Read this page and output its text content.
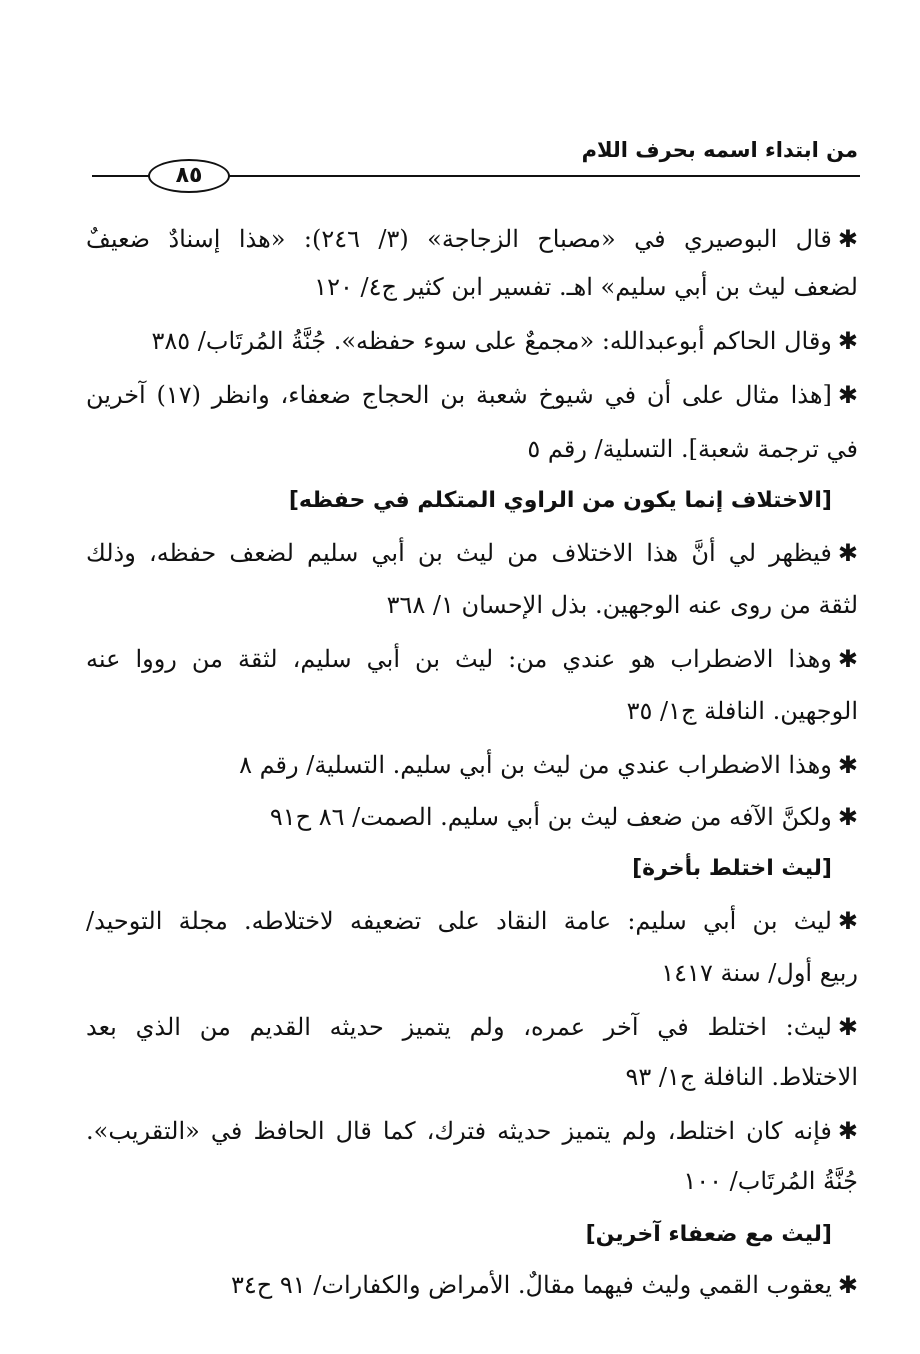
من ابتداء اسمه بحرف اللام
٨٥
✱قال البوصيري في «مصباح الزجاجة» (٣/ ٢٤٦): «هذا إسنادٌ ضعيفٌ
لضعف ليث بن أبي سليم» اهـ. تفسير ابن كثير ج٤/ ١٢٠
✱وقال الحاكم أبوعبدالله: «مجمعٌ على سوء حفظه». جُنَّةُ المُرتَاب/ ٣٨٥
✱[هذا مثال على أن في شيوخ شعبة بن الحجاج ضعفاء، وانظر (١٧) آخرين
في ترجمة شعبة]. التسلية/ رقم ٥
[الاختلاف إنما يكون من الراوي المتكلم في حفظه]
✱فيظهر لي أنَّ هذا الاختلاف من ليث بن أبي سليم لضعف حفظه، وذلك
لثقة من روى عنه الوجهين. بذل الإحسان ١/ ٣٦٨
✱وهذا الاضطراب هو عندي من: ليث بن أبي سليم، لثقة من رووا عنه
الوجهين. النافلة ج١/ ٣٥
✱وهذا الاضطراب عندي من ليث بن أبي سليم. التسلية/ رقم ٨
✱ولكنَّ الآفه من ضعف ليث بن أبي سليم. الصمت/ ٨٦ ح٩١
[ليث اختلط بأخرة]
✱ليث بن أبي سليم: عامة النقاد على تضعيفه لاختلاطه. مجلة التوحيد/
ربيع أول/ سنة ١٤١٧
✱ليث: اختلط في آخر عمره، ولم يتميز حديثه القديم من الذي بعد
الاختلاط. النافلة ج١/ ٩٣
✱فإنه كان اختلط، ولم يتميز حديثه فترك، كما قال الحافظ في «التقريب».
جُنَّةُ المُرتَاب/ ١٠٠
[ليث مع ضعفاء آخرين]
✱يعقوب القمي وليث فيهما مقالٌ. الأمراض والكفارات/ ٩١ ح٣٤
